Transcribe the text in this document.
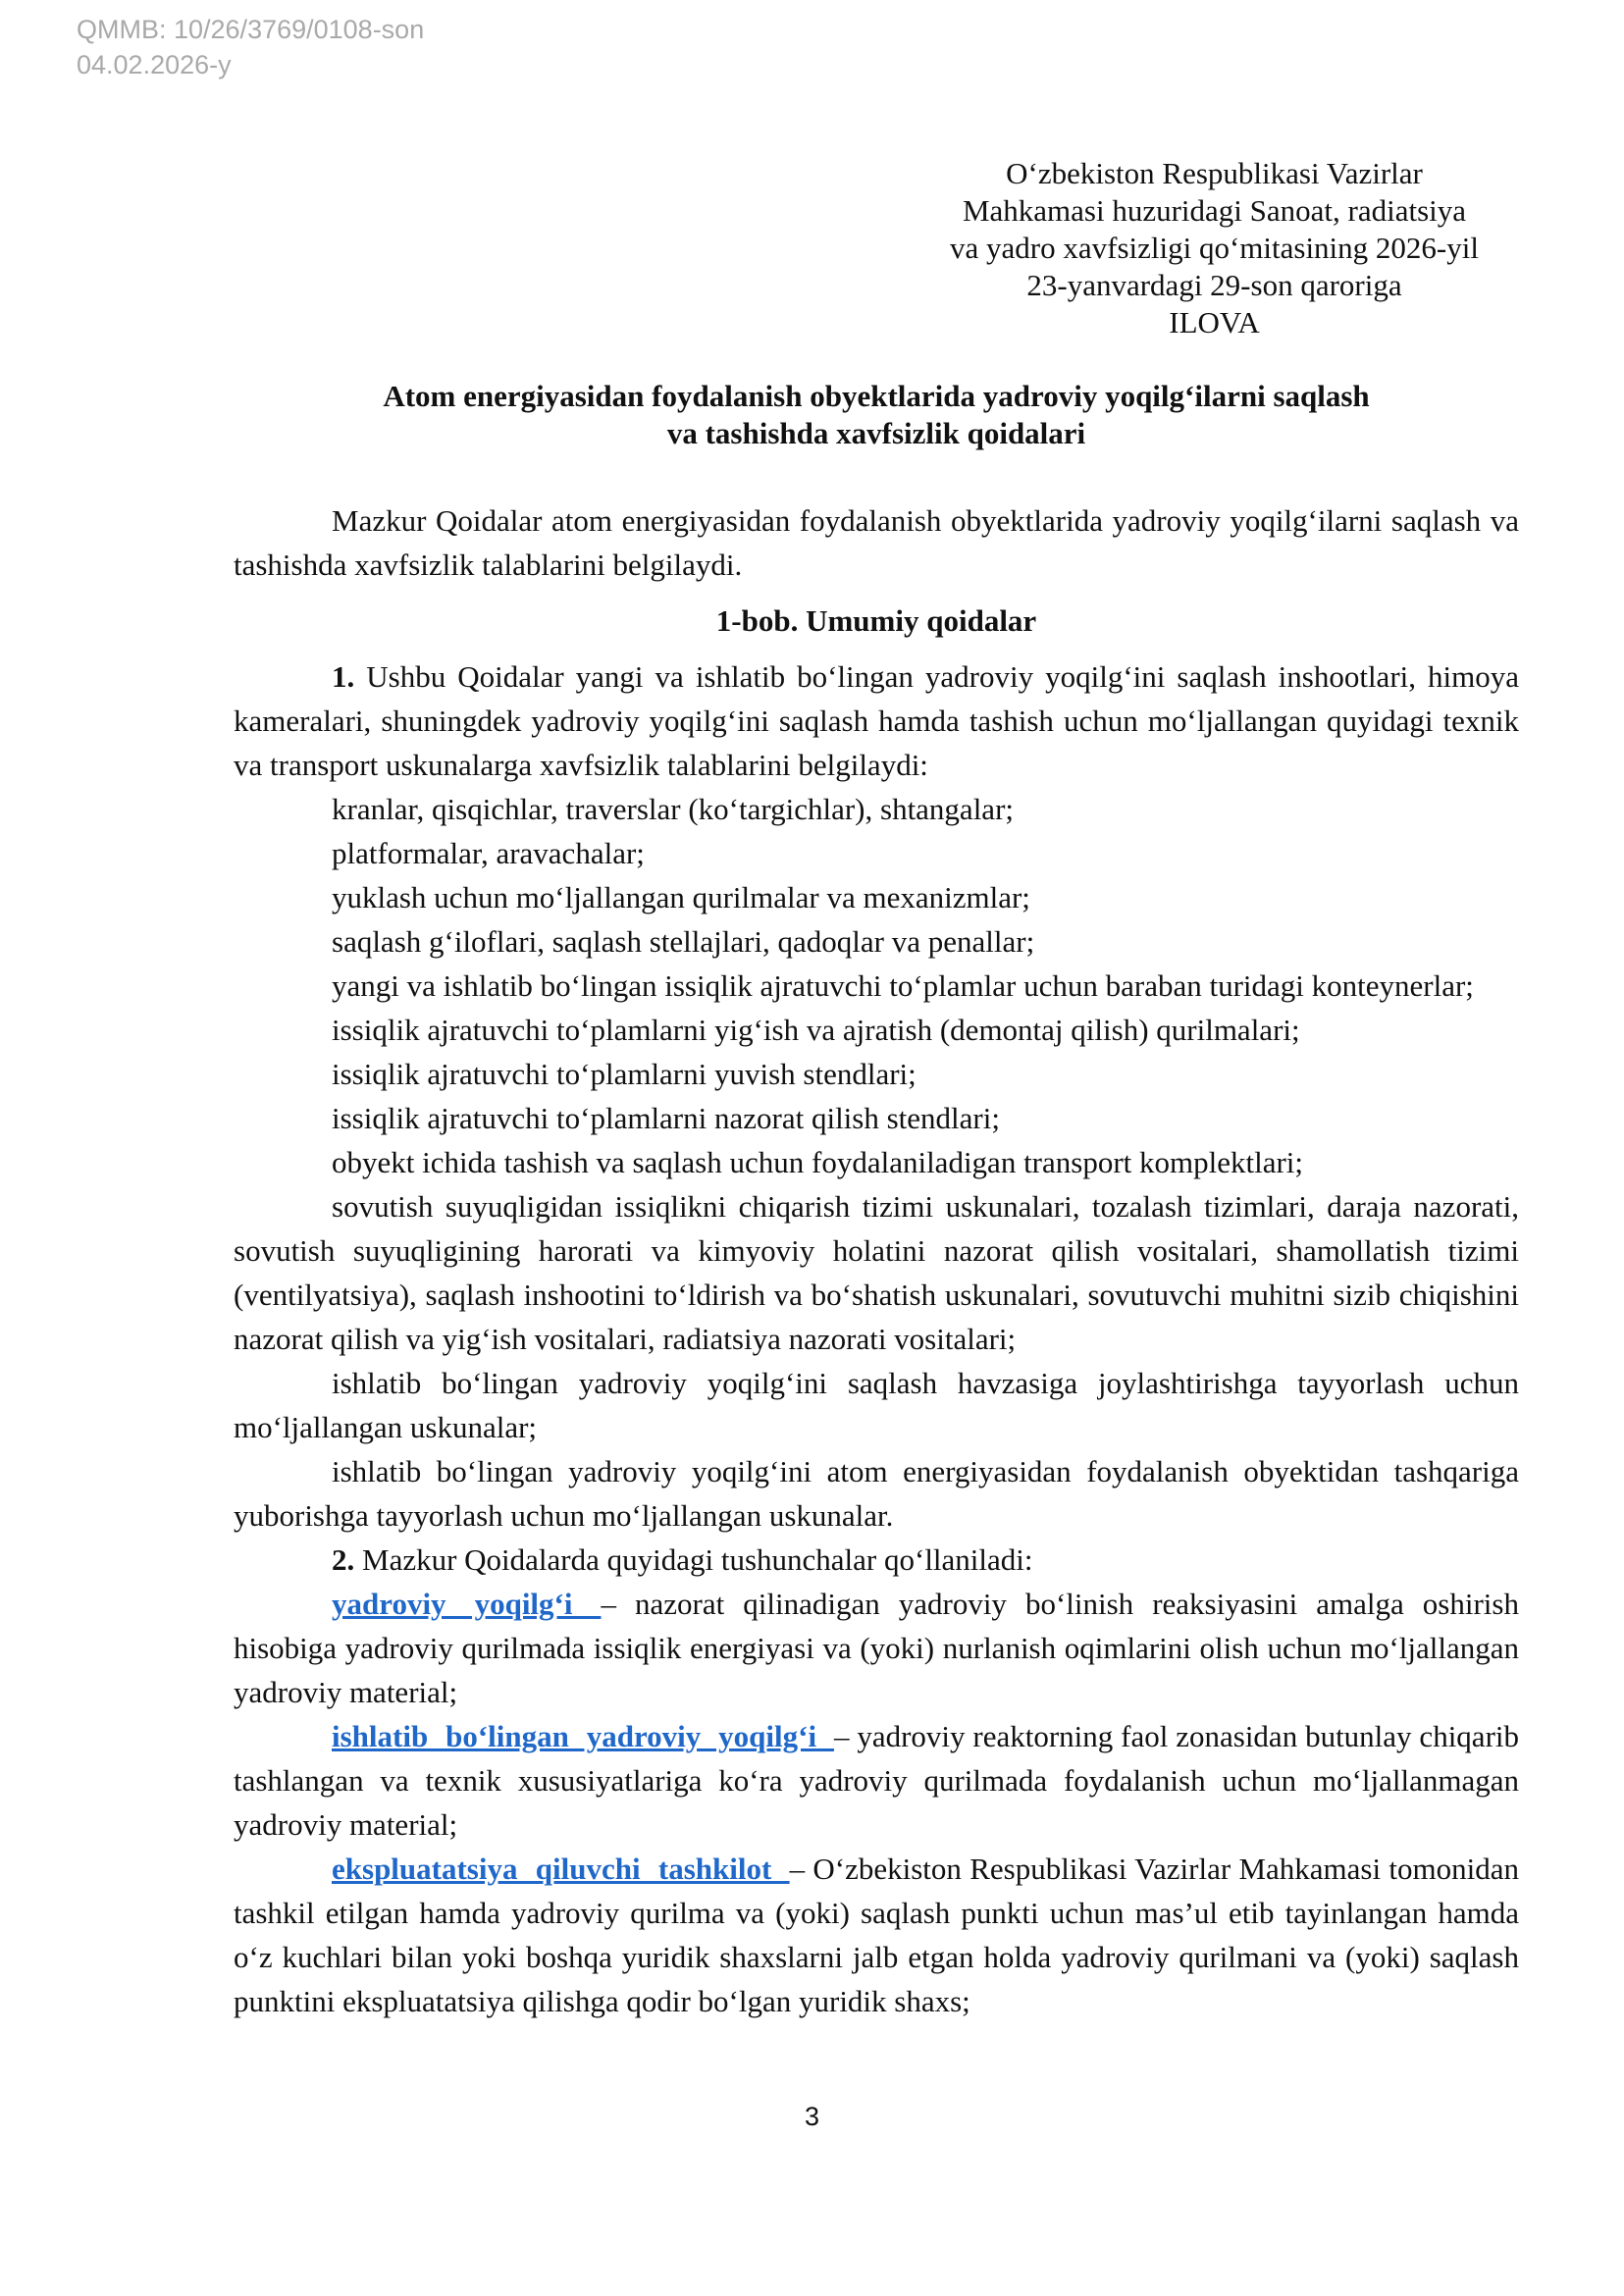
QMMB: 10/26/3769/0108-son
04.02.2026-y
O‘zbekiston Respublikasi Vazirlar
Mahkamasi huzuridagi Sanoat, radiatsiya
va yadro xavfsizligi qo‘mitasining 2026-yil
23-yanvardagi 29-son qaroriga
ILOVA
Atom energiyasidan foydalanish obyektlarida yadroviy yoqilg‘ilarni saqlash
va tashishda xavfsizlik qoidalari

Mazkur Qoidalar atom energiyasidan foydalanish obyektlarida yadroviy yoqilg‘ilarni saqlash va tashishda xavfsizlik talablarini belgilaydi.

1-bob. Umumiy qoidalar

1. Ushbu Qoidalar yangi va ishlatib bo‘lingan yadroviy yoqilg‘ini saqlash inshootlari, himoya kameralari, shuningdek yadroviy yoqilg‘ini saqlash hamda tashish uchun mo‘ljallangan quyidagi texnik va transport uskunalarga xavfsizlik talablarini belgilaydi:

kranlar, qisqichlar, traverslar (ko‘targichlar), shtangalar;

platformalar, aravachalar;

yuklash uchun mo‘ljallangan qurilmalar va mexanizmlar;

saqlash g‘iloflari, saqlash stellajlari, qadoqlar va penallar;

yangi va ishlatib bo‘lingan issiqlik ajratuvchi to‘plamlar uchun baraban turidagi konteynerlar;

issiqlik ajratuvchi to‘plamlarni yig‘ish va ajratish (demontaj qilish) qurilmalari;

issiqlik ajratuvchi to‘plamlarni yuvish stendlari;

issiqlik ajratuvchi to‘plamlarni nazorat qilish stendlari;

obyekt ichida tashish va saqlash uchun foydalaniladigan transport komplektlari;

sovutish suyuqligidan issiqlikni chiqarish tizimi uskunalari, tozalash tizimlari, daraja nazorati, sovutish suyuqligining harorati va kimyoviy holatini nazorat qilish vositalari, shamollatish tizimi (ventilyatsiya), saqlash inshootini to‘ldirish va bo‘shatish uskunalari, sovutuvchi muhitni sizib chiqishini nazorat qilish va yig‘ish vositalari, radiatsiya nazorati vositalari;

ishlatib bo‘lingan yadroviy yoqilg‘ini saqlash havzasiga joylashtirishga tayyorlash uchun mo‘ljallangan uskunalar;

ishlatib bo‘lingan yadroviy yoqilg‘ini atom energiyasidan foydalanish obyektidan tashqariga yuborishga tayyorlash uchun mo‘ljallangan uskunalar.

2. Mazkur Qoidalarda quyidagi tushunchalar qo‘llaniladi:

yadroviy yoqilg‘i – nazorat qilinadigan yadroviy bo‘linish reaksiyasini amalga oshirish hisobiga yadroviy qurilmada issiqlik energiyasi va (yoki) nurlanish oqimlarini olish uchun mo‘ljallangan yadroviy material;

ishlatib bo‘lingan yadroviy yoqilg‘i – yadroviy reaktorning faol zonasidan butunlay chiqarib tashlangan va texnik xususiyatlariga ko‘ra yadroviy qurilmada foydalanish uchun mo‘ljallanmagan yadroviy material;

ekspluatatsiya qiluvchi tashkilot – O‘zbekiston Respublikasi Vazirlar Mahkamasi tomonidan tashkil etilgan hamda yadroviy qurilma va (yoki) saqlash punkti uchun mas’ul etib tayinlangan hamda o‘z kuchlari bilan yoki boshqa yuridik shaxslarni jalb etgan holda yadroviy qurilmani va (yoki) saqlash punktini ekspluatatsiya qilishga qodir bo‘lgan yuridik shaxs;

3
